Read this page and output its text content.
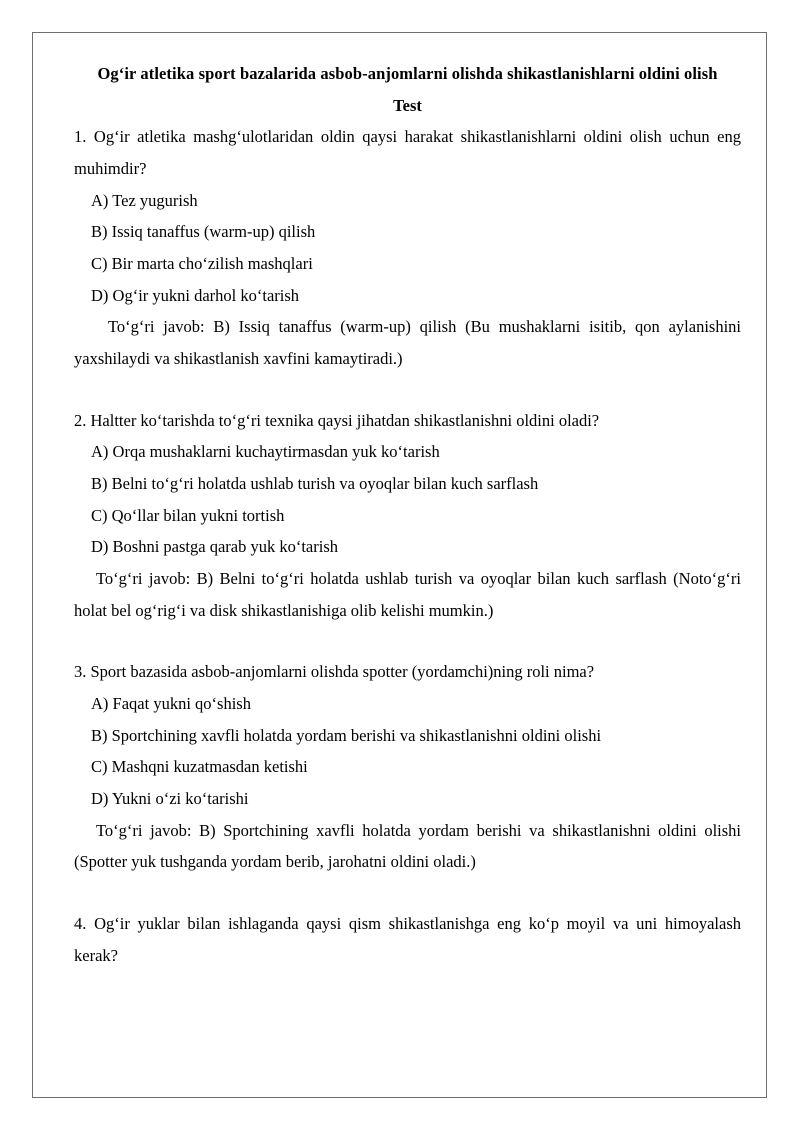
Ogʻir atletika sport bazalarida asbob-anjomlarni olishda shikastlanishlarni oldini olish
Test

1. Ogʻir atletika mashgʻulotlaridan oldin qaysi harakat shikastlanishlarni oldini olish uchun eng muhimdir?

A) Tez yugurish

B) Issiq tanaffus (warm-up) qilish

C) Bir marta choʻzilish mashqlari

D) Ogʻir yukni darhol koʻtarish

Toʻgʻri javob: B) Issiq tanaffus (warm-up) qilish (Bu mushaklarni isitib, qon aylanishini yaxshilaydi va shikastlanish xavfini kamaytiradi.)

2. Haltter koʻtarishda toʻgʻri texnika qaysi jihatdan shikastlanishni oldini oladi?

A) Orqa mushaklarni kuchaytirmasdan yuk koʻtarish

B) Belni toʻgʻri holatda ushlab turish va oyoqlar bilan kuch sarflash

C) Qoʻllar bilan yukni tortish

D) Boshni pastga qarab yuk koʻtarish

Toʻgʻri javob: B) Belni toʻgʻri holatda ushlab turish va oyoqlar bilan kuch sarflash (Notoʻgʻri holat bel ogʻrigʻi va disk shikastlanishiga olib kelishi mumkin.)

3. Sport bazasida asbob-anjomlarni olishda spotter (yordamchi)ning roli nima?

A) Faqat yukni qoʻshish

B) Sportchining xavfli holatda yordam berishi va shikastlanishni oldini olishi

C) Mashqni kuzatmasdan ketishi

D) Yukni oʻzi koʻtarishi

Toʻgʻri javob: B) Sportchining xavfli holatda yordam berishi va shikastlanishni oldini olishi (Spotter yuk tushganda yordam berib, jarohatni oldini oladi.)

4. Ogʻir yuklar bilan ishlaganda qaysi qism shikastlanishga eng koʻp moyil va uni himoyalash kerak?
